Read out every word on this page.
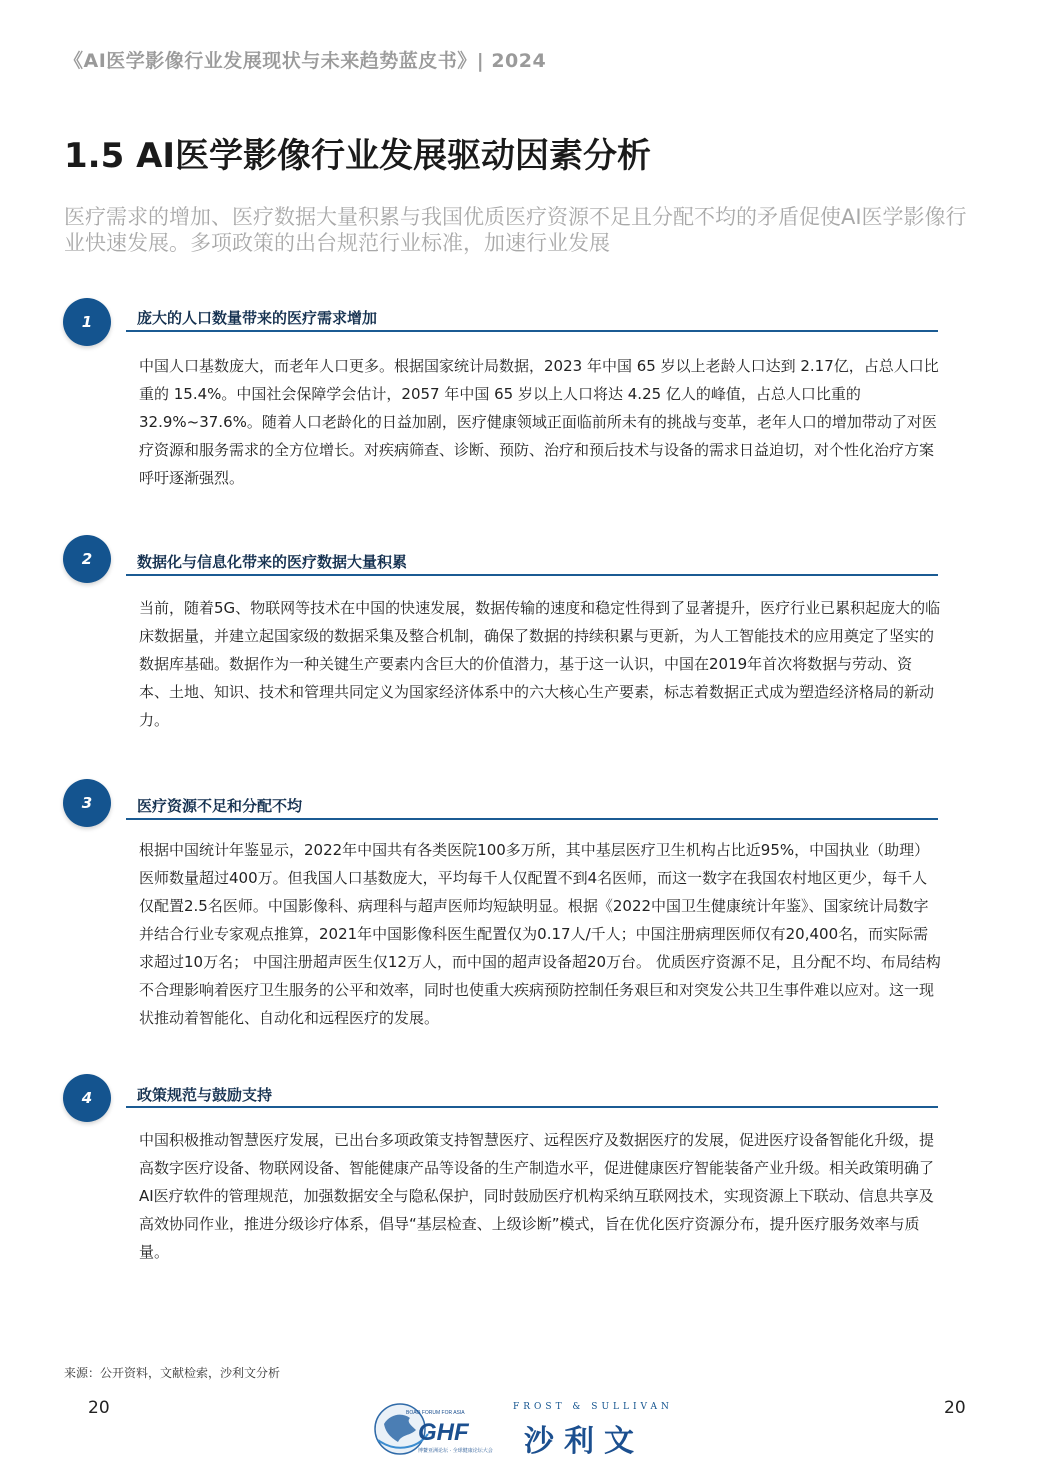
《AI医学影像行业发展现状与未来趋势蓝皮书》| 2024
1.5 AI医学影像行业发展驱动因素分析
医疗需求的增加、医疗数据大量积累与我国优质医疗资源不足且分配不均的矛盾促使AI医学影像行业快速发展。多项政策的出台规范行业标准，加速行业发展
1	庞大的人口数量带来的医疗需求增加
中国人口基数庞大，而老年人口更多。根据国家统计局数据，2023 年中国 65 岁以上老龄人口达到 2.17亿，占总人口比重的 15.4%。中国社会保障学会估计，2057 年中国 65 岁以上人口将达 4.25 亿人的峰值，占总人口比重的32.9%~37.6%。随着人口老龄化的日益加剧，医疗健康领域正面临前所未有的挑战与变革，老年人口的增加带动了对医疗资源和服务需求的全方位增长。对疾病筛查、诊断、预防、治疗和预后技术与设备的需求日益迫切，对个性化治疗方案呼吁逐渐强烈。
2	数据化与信息化带来的医疗数据大量积累
当前，随着5G、物联网等技术在中国的快速发展，数据传输的速度和稳定性得到了显著提升，医疗行业已累积起庞大的临床数据量，并建立起国家级的数据采集及整合机制，确保了数据的持续积累与更新，为人工智能技术的应用奠定了坚实的数据库基础。数据作为一种关键生产要素内含巨大的价值潜力，基于这一认识，中国在2019年首次将数据与劳动、资本、土地、知识、技术和管理共同定义为国家经济体系中的六大核心生产要素，标志着数据正式成为塑造经济格局的新动力。
3	医疗资源不足和分配不均
根据中国统计年鉴显示，2022年中国共有各类医院100多万所，其中基层医疗卫生机构占比近95%，中国执业（助理）医师数量超过400万。但我国人口基数庞大，平均每千人仅配置不到4名医师，而这一数字在我国农村地区更少，每千人仅配置2.5名医师。中国影像科、病理科与超声医师均短缺明显。根据《2022中国卫生健康统计年鉴》、国家统计局数字并结合行业专家观点推算，2021年中国影像科医生配置仅为0.17人/千人；中国注册病理医师仅有20,400名，而实际需求超过10万名； 中国注册超声医生仅12万人，而中国的超声设备超20万台。 优质医疗资源不足，且分配不均、布局结构不合理影响着医疗卫生服务的公平和效率，同时也使重大疾病预防控制任务艰巨和对突发公共卫生事件难以应对。这一现状推动着智能化、自动化和远程医疗的发展。
4	政策规范与鼓励支持
中国积极推动智慧医疗发展，已出台多项政策支持智慧医疗、远程医疗及数据医疗的发展，促进医疗设备智能化升级，提高数字医疗设备、物联网设备、智能健康产品等设备的生产制造水平，促进健康医疗智能装备产业升级。相关政策明确了AI医疗软件的管理规范，加强数据安全与隐私保护，同时鼓励医疗机构采纳互联网技术，实现资源上下联动、信息共享及高效协同作业，推进分级诊疗体系，倡导“基层检查、上级诊断”模式，旨在优化医疗资源分布，提升医疗服务效率与质量。
来源：公开资料，文献检索，沙利文分析
20	20
BOAO FORUM FOR ASIA
GHF
博鳌亚洲论坛 · 全球健康论坛大会
FROST & SULLIVAN
沙利文
